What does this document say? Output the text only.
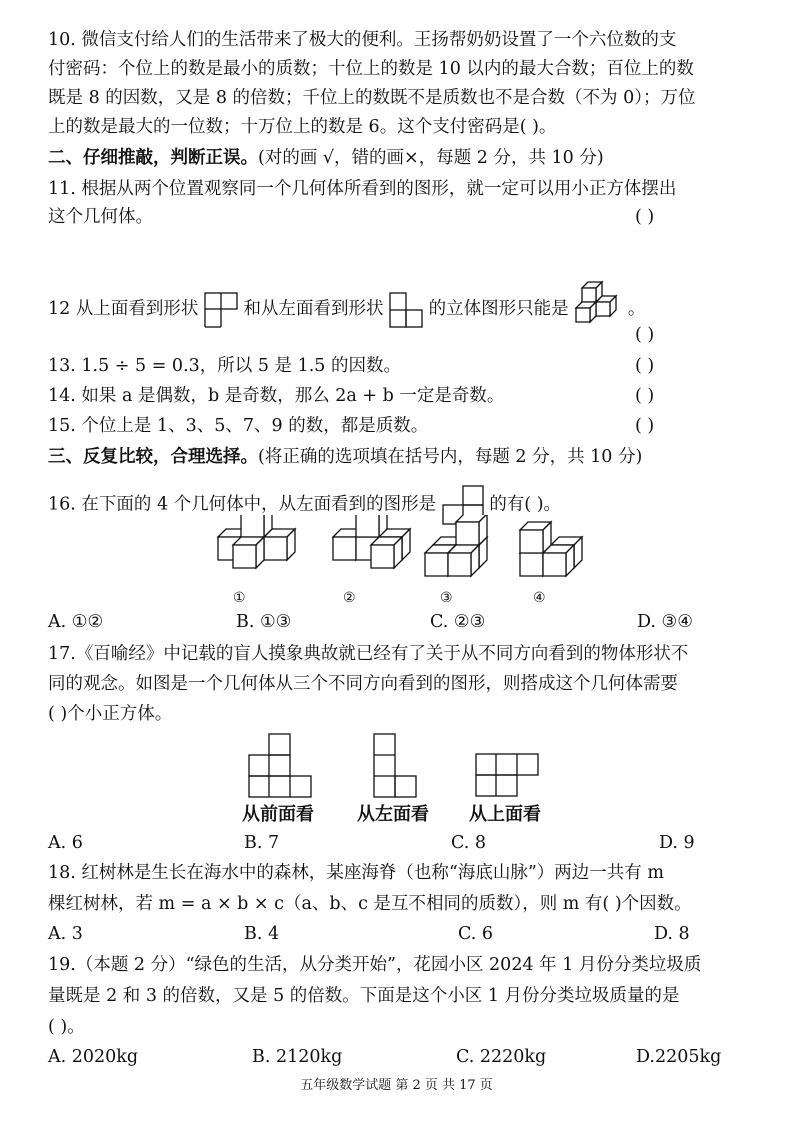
10. 微信支付给人们的生活带来了极大的便利。王扬帮奶奶设置了一个六位数的支
付密码：个位上的数是最小的质数；十位上的数是 10 以内的最大合数；百位上的数
既是 8 的因数，又是 8 的倍数；千位上的数既不是质数也不是合数（不为 0）；万位
上的数是最大的一位数；十万位上的数是 6。这个支付密码是( )。
二、仔细推敲，判断正误。(对的画 √，错的画×，每题 2 分，共 10 分)
11. 根据从两个位置观察同一个几何体所看到的图形，就一定可以用小正方体摆出
这个几何体。	( )
12 从上面看到形状	和从左面看到形状	的立体图形只能是	。
( )
13. 1.5 ÷ 5 = 0.3，所以 5 是 1.5 的因数。	( )
14. 如果 a 是偶数，b 是奇数，那么 2a + b 一定是奇数。	( )
15. 个位上是 1、3、5、7、9 的数，都是质数。	( )
三、反复比较，合理选择。(将正确的选项填在括号内，每题 2 分，共 10 分)
16. 在下面的 4 个几何体中，从左面看到的图形是	的有( )。
①	②	③	④
A. ①②	B. ①③	C. ②③	D. ③④
17.《百喻经》中记载的盲人摸象典故就已经有了关于从不同方向看到的物体形状不
同的观念。如图是一个几何体从三个不同方向看到的图形，则搭成这个几何体需要
( )个小正方体。
从前面看 从左面看 从上面看
A. 6	B. 7	C. 8	D. 9
18. 红树林是生长在海水中的森林，某座海脊（也称“海底山脉”）两边一共有 m
棵红树林，若 m = a × b × c（a、b、c 是互不相同的质数），则 m 有( )个因数。
A. 3	B. 4	C. 6	D. 8
19.（本题 2 分）“绿色的生活，从分类开始”，花园小区 2024 年 1 月份分类垃圾质
量既是 2 和 3 的倍数，又是 5 的倍数。下面是这个小区 1 月份分类垃圾质量的是
( )。
A. 2020kg	B. 2120kg	C. 2220kg	D.2205kg
五年级数学试题 第 2 页 共 17 页
